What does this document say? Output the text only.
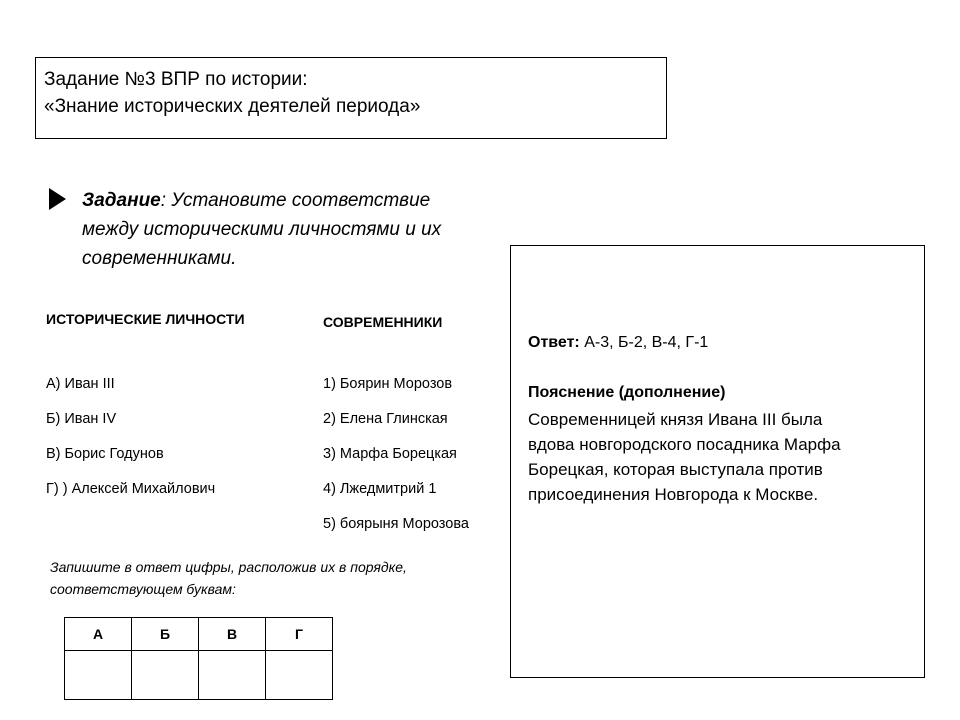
Задание №3 ВПР по истории:
«Знание исторических деятелей периода»
Задание: Установите соответствие
между историческими личностями и их
современниками.
ИСТОРИЧЕСКИЕ ЛИЧНОСТИ	СОВРЕМЕННИКИ
А) Иван III
Б) Иван IV
В) Борис Годунов
Г) ) Алексей Михайлович
1) Боярин Морозов
2) Елена Глинская
3) Марфа Борецкая
4) Лжедмитрий 1
5) боярыня Морозова
Запишите в ответ цифры, расположив их в порядке,
соответствующем буквам:
А	Б	В	Г

Ответ: А-3, Б-2, В-4, Г-1
Пояснение (дополнение)
Современницей князя Ивана III была
вдова новгородского посадника Марфа
Борецкая, которая выступала против
присоединения Новгорода к Москве.
